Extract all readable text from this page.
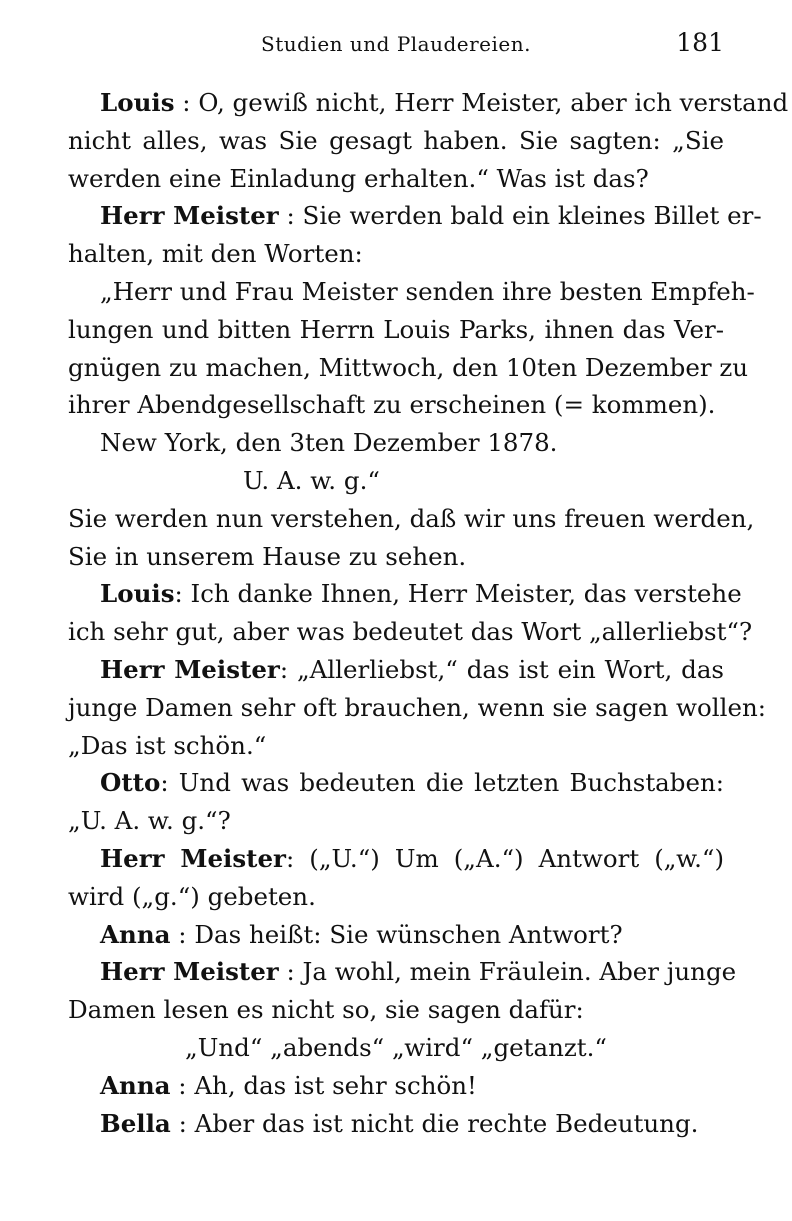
Studien und Plaudereien.	181
Louis : O, gewiß nicht, Herr Meister, aber ich verstand
nicht alles, was Sie gesagt haben. Sie sagten: „Sie
werden eine Einladung erhalten.“ Was ist das?
Herr Meister : Sie werden bald ein kleines Billet er-
halten, mit den Worten:
„Herr und Frau Meister senden ihre besten Empfeh-
lungen und bitten Herrn Louis Parks, ihnen das Ver-
gnügen zu machen, Mittwoch, den 10ten Dezember zu
ihrer Abendgesellschaft zu erscheinen (= kommen).
New York, den 3ten Dezember 1878.
U. A. w. g.“
Sie werden nun verstehen, daß wir uns freuen werden,
Sie in unserem Hause zu sehen.
Louis: Ich danke Ihnen, Herr Meister, das verstehe
ich sehr gut, aber was bedeutet das Wort „allerliebst“?
Herr Meister: „Allerliebst,“ das ist ein Wort, das
junge Damen sehr oft brauchen, wenn sie sagen wollen:
„Das ist schön.“
Otto: Und was bedeuten die letzten Buchstaben:
„U. A. w. g.“?
Herr Meister: („U.“) Um („A.“) Antwort („w.“)
wird („g.“) gebeten.
Anna : Das heißt: Sie wünschen Antwort?
Herr Meister : Ja wohl, mein Fräulein. Aber junge
Damen lesen es nicht so, sie sagen dafür:
„Und“ „abends“ „wird“ „getanzt.“
Anna : Ah, das ist sehr schön!
Bella : Aber das ist nicht die rechte Bedeutung.
